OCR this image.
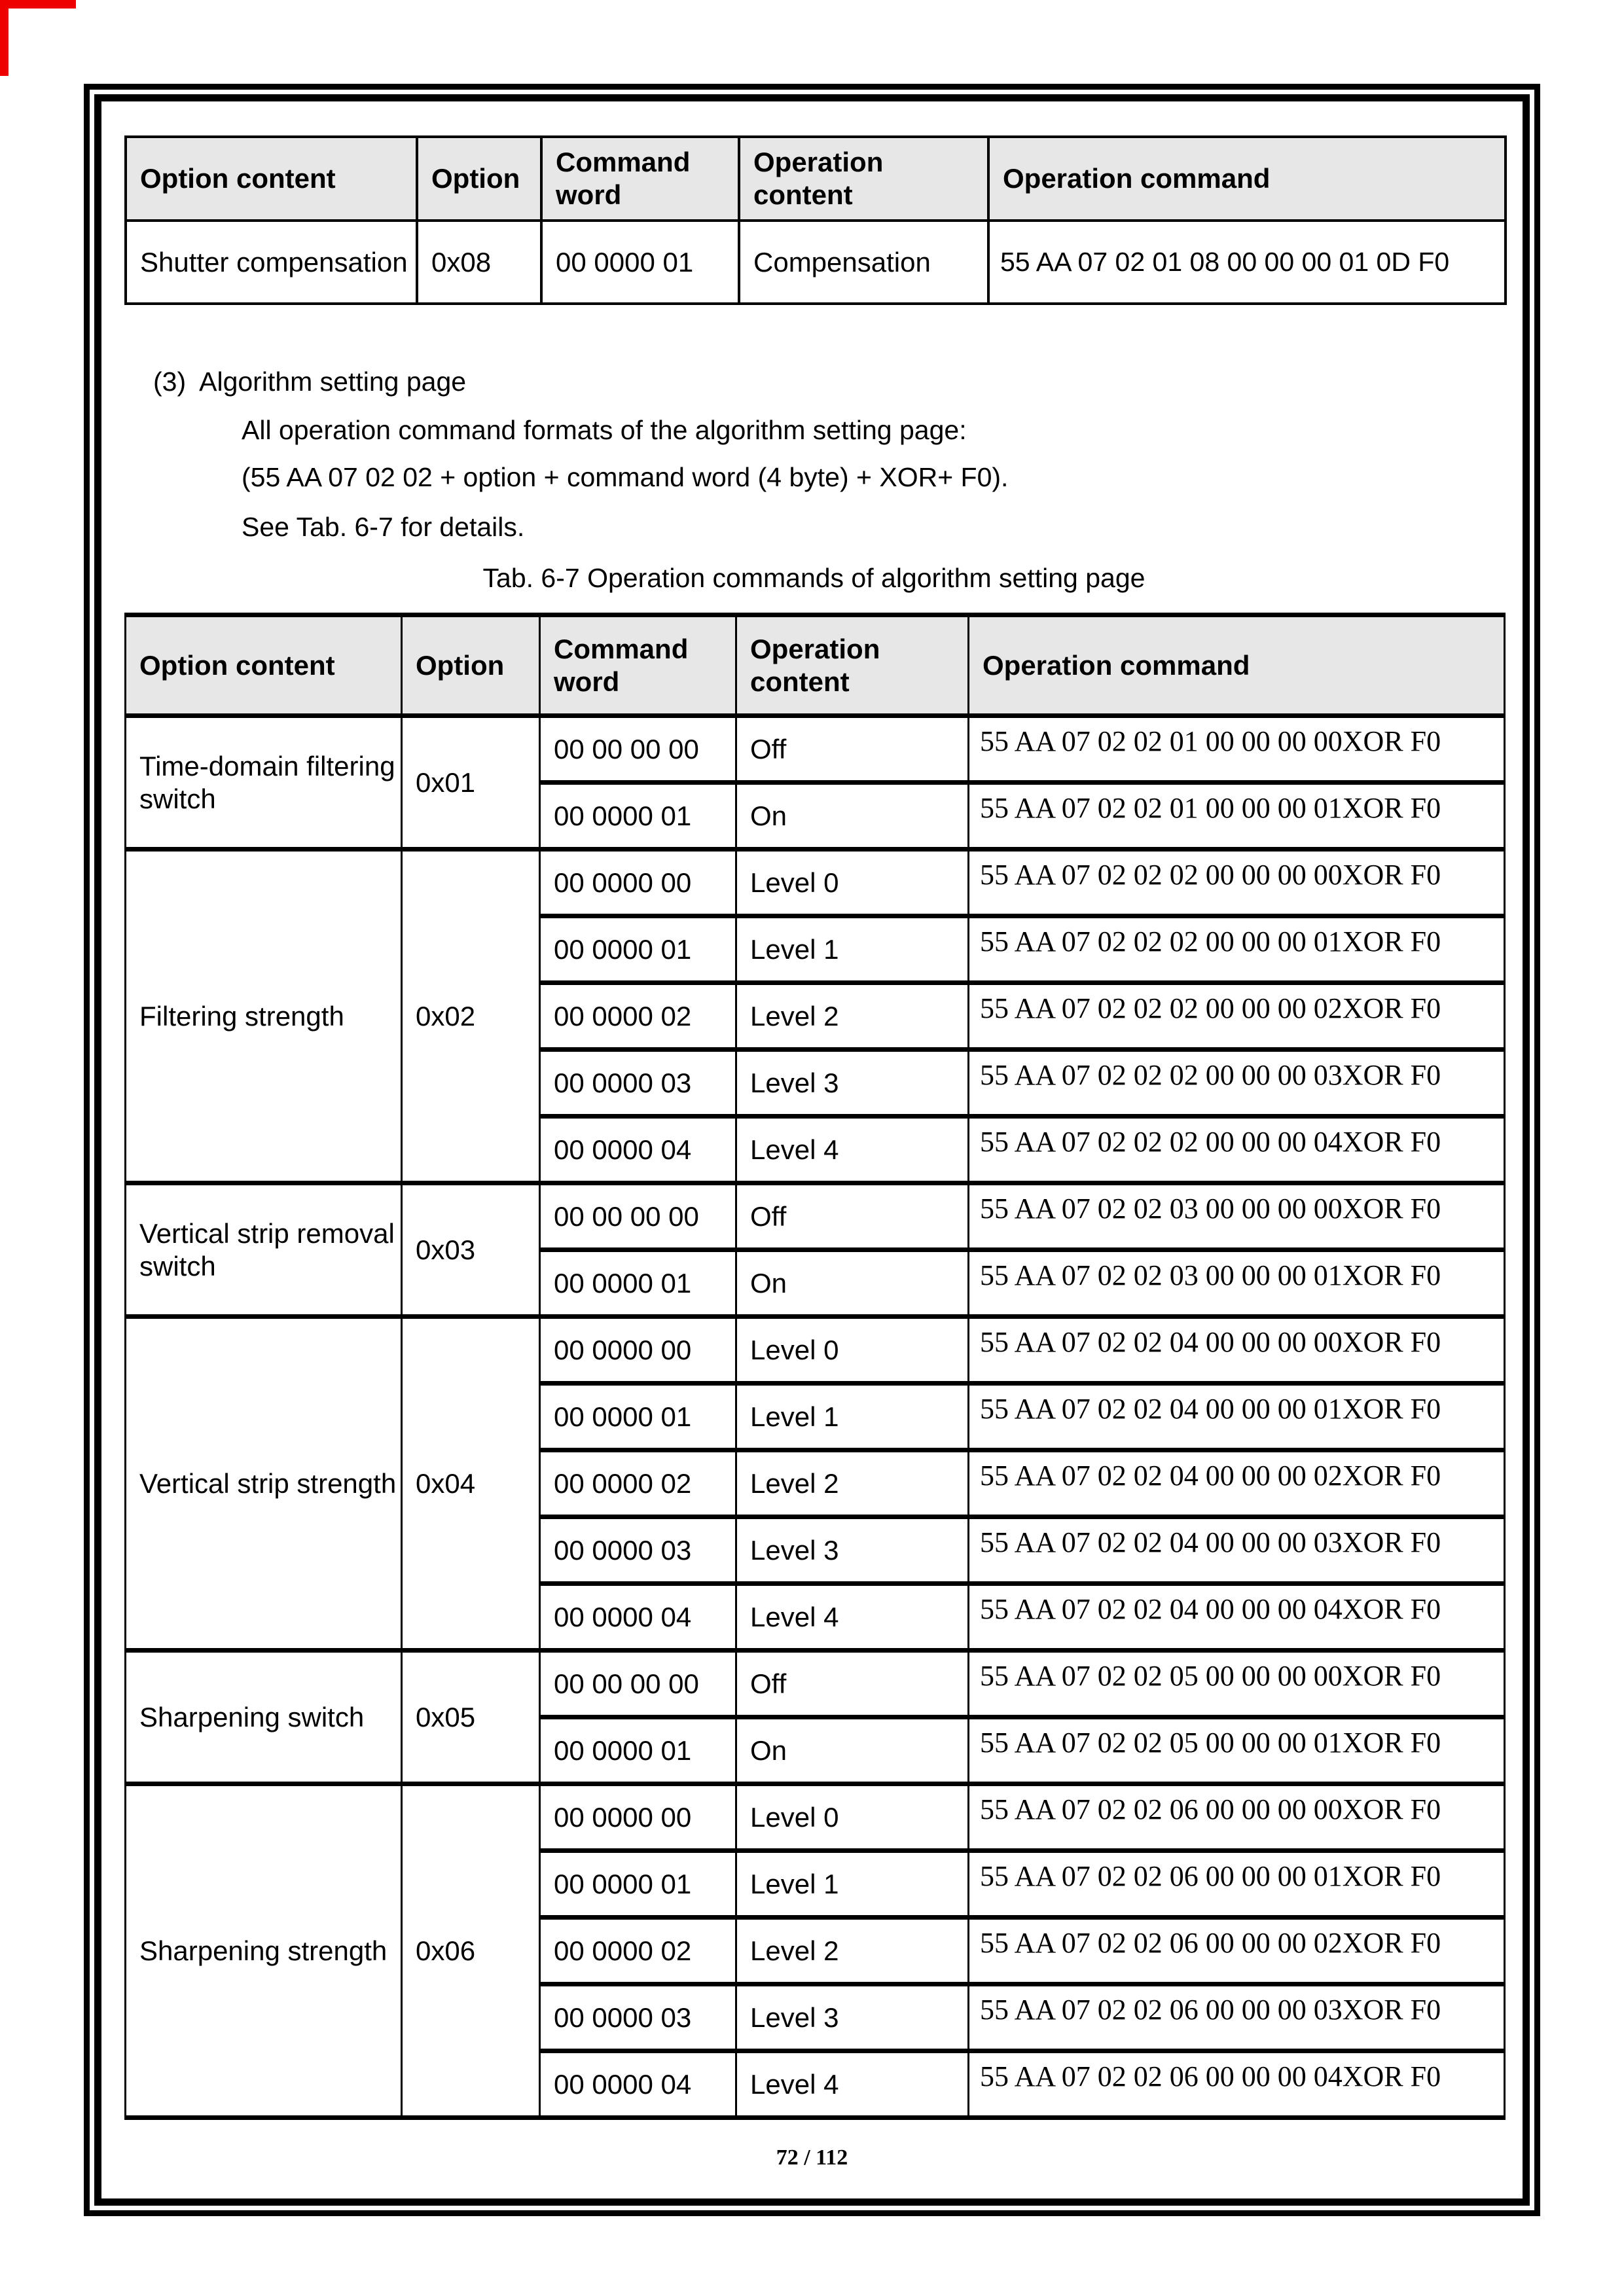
Option content	Option	Command word	Operation content	Operation command
Shutter compensation	0x08	00 0000 01	Compensation	55 AA 07 02 01 08 00 00 00 01 0D F0
(3) Algorithm setting page
All operation command formats of the algorithm setting page:
(55 AA 07 02 02 + option + command word (4 byte) + XOR+ F0).
See Tab. 6-7 for details.
Tab. 6-7 Operation commands of algorithm setting page
Option content	Option	Command word	Operation content	Operation command
Time-domain filtering switch	0x01	00 00 00 00	Off	55 AA 07 02 02 01 00 00 00 00XOR F0
		00 0000 01	On	55 AA 07 02 02 01 00 00 00 01XOR F0
Filtering strength	0x02	00 0000 00	Level 0	55 AA 07 02 02 02 00 00 00 00XOR F0
		00 0000 01	Level 1	55 AA 07 02 02 02 00 00 00 01XOR F0
		00 0000 02	Level 2	55 AA 07 02 02 02 00 00 00 02XOR F0
		00 0000 03	Level 3	55 AA 07 02 02 02 00 00 00 03XOR F0
		00 0000 04	Level 4	55 AA 07 02 02 02 00 00 00 04XOR F0
Vertical strip removal switch	0x03	00 00 00 00	Off	55 AA 07 02 02 03 00 00 00 00XOR F0
		00 0000 01	On	55 AA 07 02 02 03 00 00 00 01XOR F0
Vertical strip strength	0x04	00 0000 00	Level 0	55 AA 07 02 02 04 00 00 00 00XOR F0
		00 0000 01	Level 1	55 AA 07 02 02 04 00 00 00 01XOR F0
		00 0000 02	Level 2	55 AA 07 02 02 04 00 00 00 02XOR F0
		00 0000 03	Level 3	55 AA 07 02 02 04 00 00 00 03XOR F0
		00 0000 04	Level 4	55 AA 07 02 02 04 00 00 00 04XOR F0
Sharpening switch	0x05	00 00 00 00	Off	55 AA 07 02 02 05 00 00 00 00XOR F0
		00 0000 01	On	55 AA 07 02 02 05 00 00 00 01XOR F0
Sharpening strength	0x06	00 0000 00	Level 0	55 AA 07 02 02 06 00 00 00 00XOR F0
		00 0000 01	Level 1	55 AA 07 02 02 06 00 00 00 01XOR F0
		00 0000 02	Level 2	55 AA 07 02 02 06 00 00 00 02XOR F0
		00 0000 03	Level 3	55 AA 07 02 02 06 00 00 00 03XOR F0
		00 0000 04	Level 4	55 AA 07 02 02 06 00 00 00 04XOR F0
72 / 112
